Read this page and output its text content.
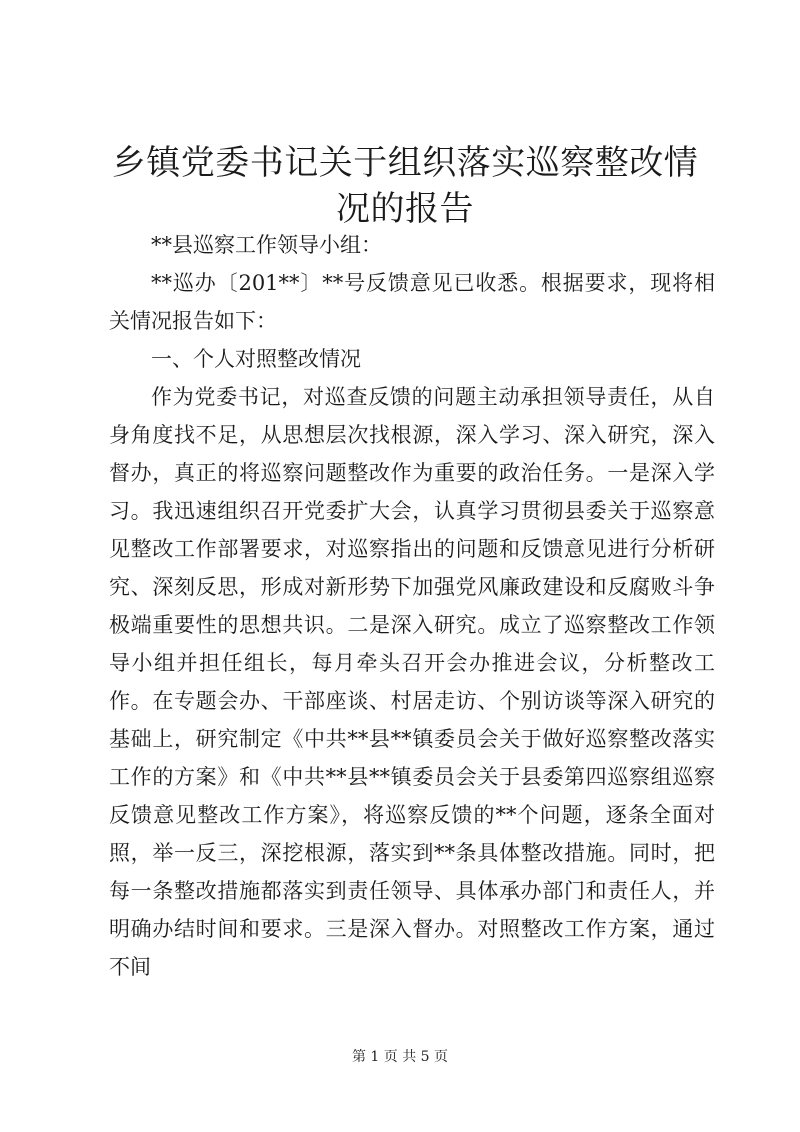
乡镇党委书记关于组织落实巡察整改情况的报告

**县巡察工作领导小组：

**巡办〔201**〕**号反馈意见已收悉。根据要求，现将相关情况报告如下：

一、个人对照整改情况

作为党委书记，对巡查反馈的问题主动承担领导责任，从自身角度找不足，从思想层次找根源，深入学习、深入研究，深入督办，真正的将巡察问题整改作为重要的政治任务。一是深入学习。我迅速组织召开党委扩大会，认真学习贯彻县委关于巡察意见整改工作部署要求，对巡察指出的问题和反馈意见进行分析研究、深刻反思，形成对新形势下加强党风廉政建设和反腐败斗争极端重要性的思想共识。二是深入研究。成立了巡察整改工作领导小组并担任组长，每月牵头召开会办推进会议，分析整改工作。在专题会办、干部座谈、村居走访、个别访谈等深入研究的基础上，研究制定《中共**县**镇委员会关于做好巡察整改落实工作的方案》和《中共**县**镇委员会关于县委第四巡察组巡察反馈意见整改工作方案》，将巡察反馈的**个问题，逐条全面对照，举一反三，深挖根源，落实到**条具体整改措施。同时，把每一条整改措施都落实到责任领导、具体承办部门和责任人，并明确办结时间和要求。三是深入督办。对照整改工作方案，通过不间

第 1 页 共 5 页
